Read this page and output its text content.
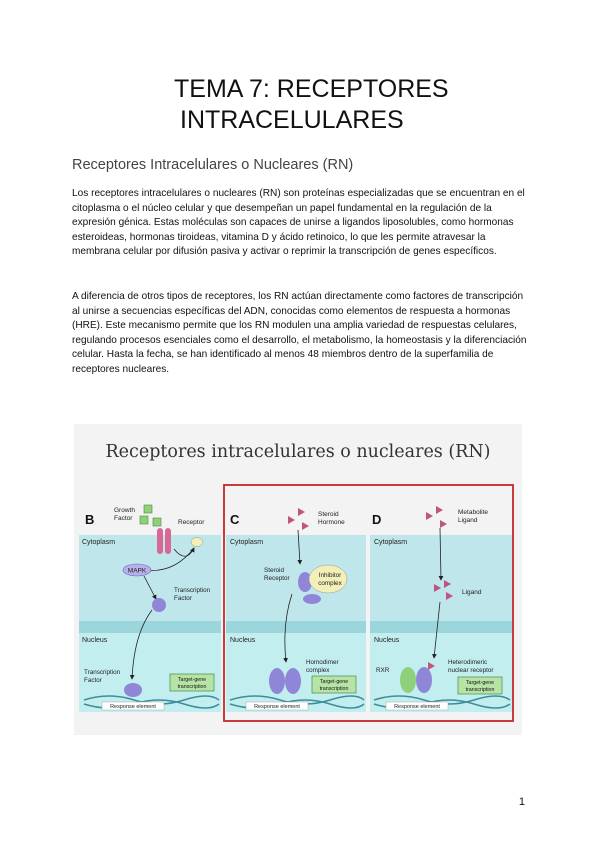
TEMA 7: RECEPTORES
INTRACELULARES
Receptores Intracelulares o Nucleares (RN)

Los receptores intracelulares o nucleares (RN) son proteínas especializadas que se encuentran en el citoplasma o el núcleo celular y que desempeñan un papel fundamental en la regulación de la expresión génica. Estas moléculas son capaces de unirse a ligandos liposolubles, como hormonas esteroideas, hormonas tiroideas, vitamina D y ácido retinoico, lo que les permite atravesar la membrana celular por difusión pasiva y activar o reprimir la transcripción de genes específicos.

A diferencia de otros tipos de receptores, los RN actúan directamente como factores de transcripción al unirse a secuencias específicas del ADN, conocidas como elementos de respuesta a hormonas (HRE). Este mecanismo permite que los RN modulen una amplia variedad de respuestas celulares, regulando procesos esenciales como el desarrollo, el metabolismo, la homeostasis y la diferenciación celular. Hasta la fecha, se han identificado al menos 48 miembros dentro de la superfamilia de receptores nucleares.

Receptores intracelulares o nucleares (RN)
B
Growth
Factor
Receptor
Cytoplasm
MAPK
Transcription
Factor
Nucleus
Transcription
Factor	Target-gene
transcription
Response element
C	Steroid
Hormone
Cytoplasm
Steroid
Receptor	Inhibitor
complex
Nucleus
Homodimer
complex
Target-gene
transcription
Response element
D	Metabolite
Ligand
Cytoplasm
Ligand
Nucleus
RXR
Heterodimeric
nuclear receptor
Target-gene
transcription
Response element
1
